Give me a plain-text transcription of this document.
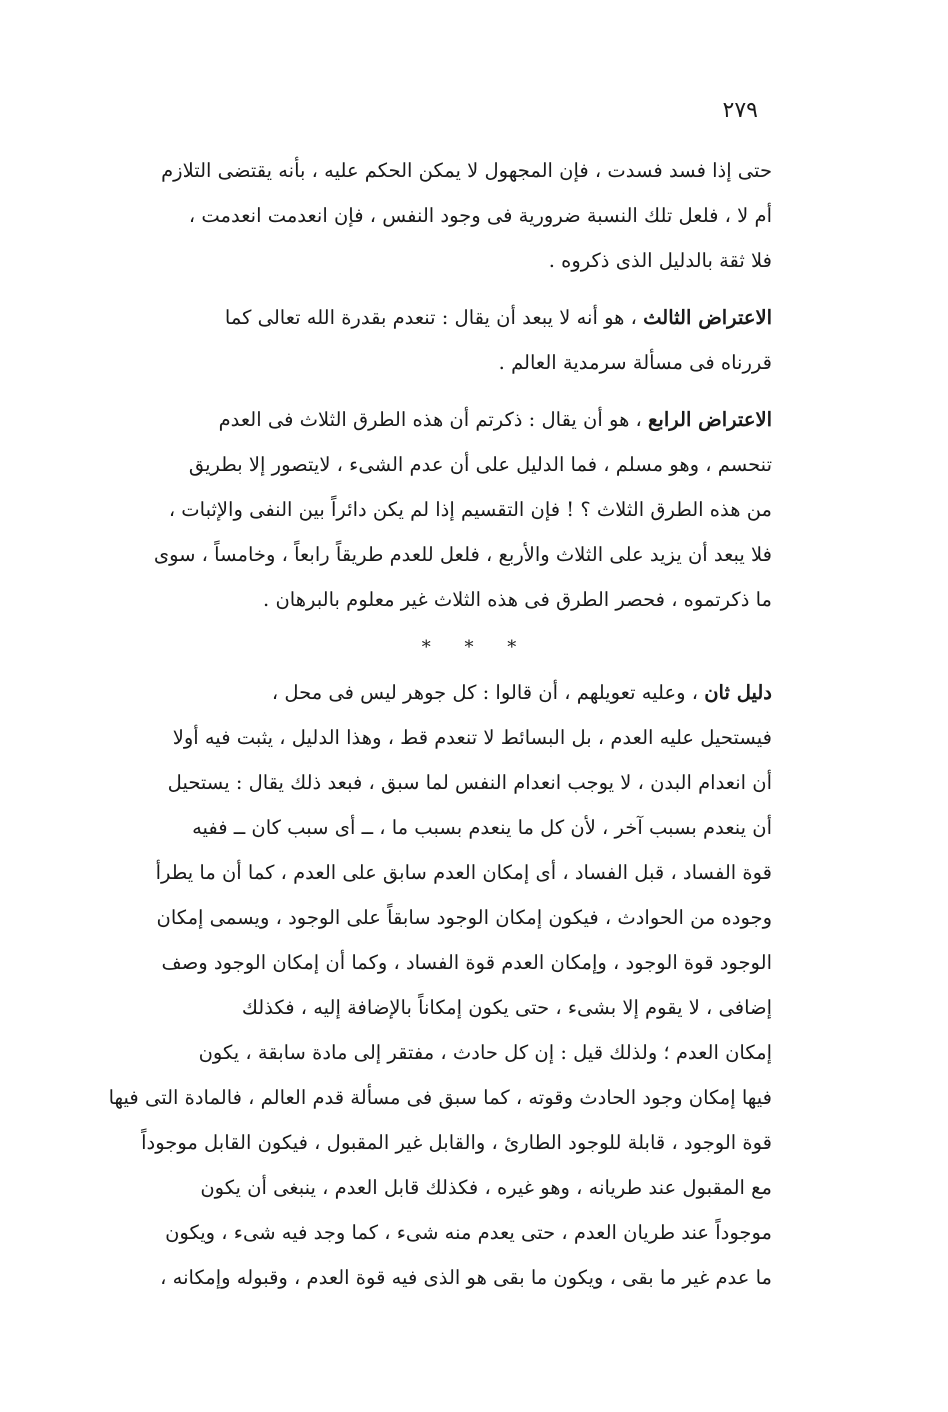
٢٧٩
حتى إذا فسد فسدت ، فإن المجهول لا يمكن الحكم عليه ، بأنه يقتضى التلازم
أم لا ، فلعل تلك النسبة ضرورية فى وجود النفس ، فإن انعدمت انعدمت ،
فلا ثقة بالدليل الذى ذكروه .
الاعتراض الثالث ، هو أنه لا يبعد أن يقال : تنعدم بقدرة الله تعالى كما
قررناه فى مسألة سرمدية العالم .
الاعتراض الرابع ، هو أن يقال : ذكرتم أن هذه الطرق الثلاث فى العدم
تنحسم ، وهو مسلم ، فما الدليل على أن عدم الشىء ، لايتصور إلا بطريق
من هذه الطرق الثلاث ؟ ! فإن التقسيم إذا لم يكن دائراً بين النفى والإثبات ،
فلا يبعد أن يزيد على الثلاث والأربع ، فلعل للعدم طريقاً رابعاً ، وخامساً ، سوى
ما ذكرتموه ، فحصر الطرق فى هذه الثلاث غير معلوم بالبرهان .
* * *
دليل ثان ، وعليه تعويلهم ، أن قالوا : كل جوهر ليس فى محل ،
فيستحيل عليه العدم ، بل البسائط لا تنعدم قط ، وهذا الدليل ، يثبت فيه أولا
أن انعدام البدن ، لا يوجب انعدام النفس لما سبق ، فبعد ذلك يقال : يستحيل
أن ينعدم بسبب آخر ، لأن كل ما ينعدم بسبب ما ، ــ أى سبب كان ــ ففيه
قوة الفساد ، قبل الفساد ، أى إمكان العدم سابق على العدم ، كما أن ما يطرأ
وجوده من الحوادث ، فيكون إمكان الوجود سابقاً على الوجود ، ويسمى إمكان
الوجود قوة الوجود ، وإمكان العدم قوة الفساد ، وكما أن إمكان الوجود وصف
إضافى ، لا يقوم إلا بشىء ، حتى يكون إمكاناً بالإضافة إليه ، فكذلك
إمكان العدم ؛ ولذلك قيل : إن كل حادث ، مفتقر إلى مادة سابقة ، يكون
فيها إمكان وجود الحادث وقوته ، كما سبق فى مسألة قدم العالم ، فالمادة التى فيها
قوة الوجود ، قابلة للوجود الطارئ ، والقابل غير المقبول ، فيكون القابل موجوداً
مع المقبول عند طريانه ، وهو غيره ، فكذلك قابل العدم ، ينبغى أن يكون
موجوداً عند طريان العدم ، حتى يعدم منه شىء ، كما وجد فيه شىء ، ويكون
ما عدم غير ما بقى ، ويكون ما بقى هو الذى فيه قوة العدم ، وقبوله وإمكانه ،
